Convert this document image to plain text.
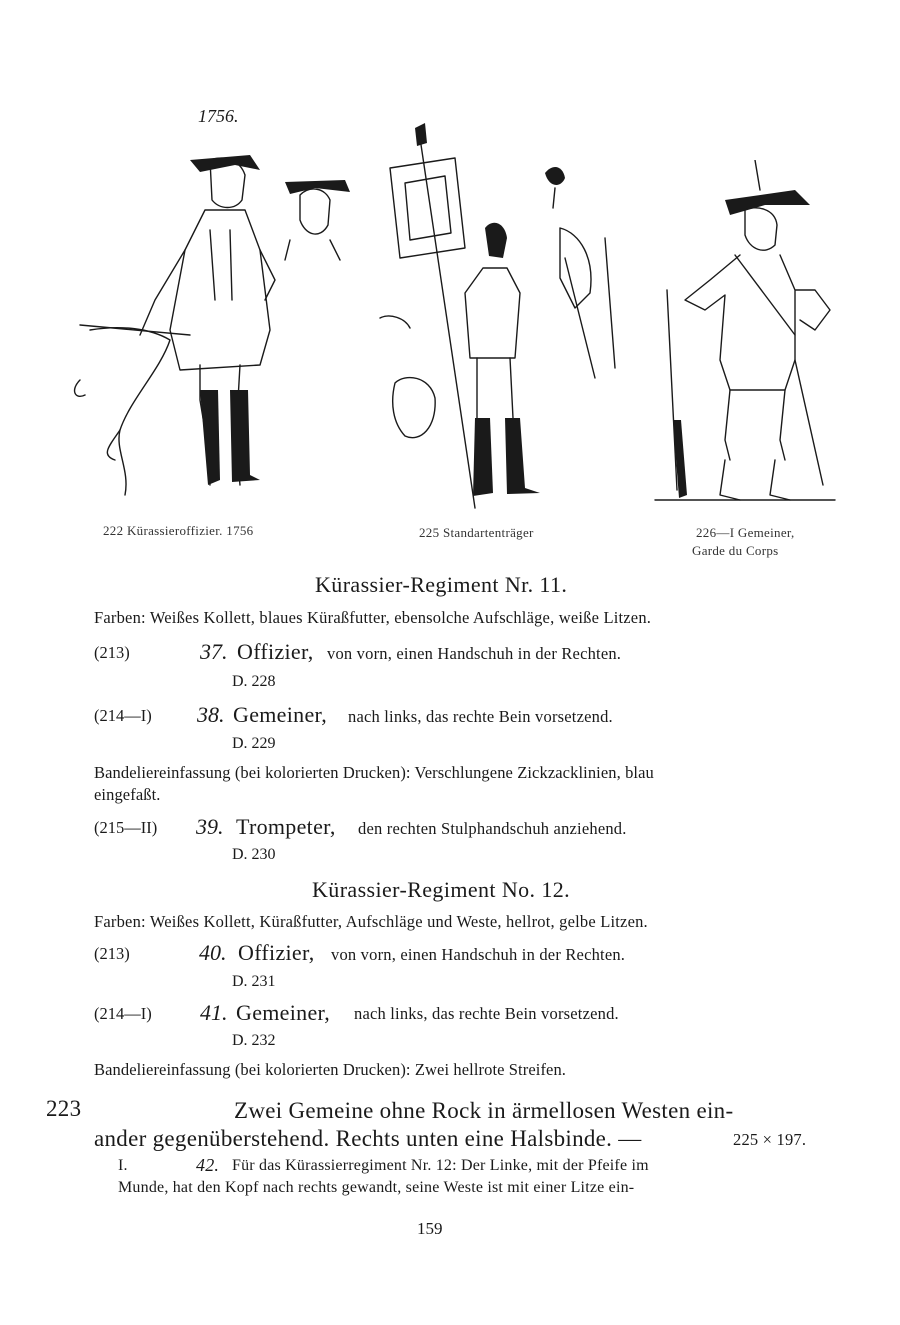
1756.
222 Kürassieroffizier. 1756	225 Standartenträger	226—I Gemeiner,
Garde du Corps
Kürassier-Regiment Nr. 11.
Farben: Weißes Kollett, blaues Küraßfutter, ebensolche Aufschläge, weiße Litzen.
(213)	37. Offizier, von vorn, einen Handschuh in der Rechten.
D. 228
(214—I) 38. Gemeiner, nach links, das rechte Bein vorsetzend.
D. 229
Bandeliereinfassung (bei kolorierten Drucken): Verschlungene Zickzacklinien, blau
eingefaßt.
(215—II) 39. Trompeter, den rechten Stulphandschuh anziehend.
D. 230
Kürassier-Regiment No. 12.
Farben: Weißes Kollett, Küraßfutter, Aufschläge und Weste, hellrot, gelbe Litzen.
(213)	40. Offizier, von vorn, einen Handschuh in der Rechten.
D. 231
(214—I) 41. Gemeiner, nach links, das rechte Bein vorsetzend.
D. 232
Bandeliereinfassung (bei kolorierten Drucken): Zwei hellrote Streifen.
223	Zwei Gemeine ohne Rock in ärmellosen Westen ein-
ander gegenüberstehend. Rechts unten eine Halsbinde. —	225 × 197.
I.	42. Für das Kürassierregiment Nr. 12: Der Linke, mit der Pfeife im
Munde, hat den Kopf nach rechts gewandt, seine Weste ist mit einer Litze ein-
159
